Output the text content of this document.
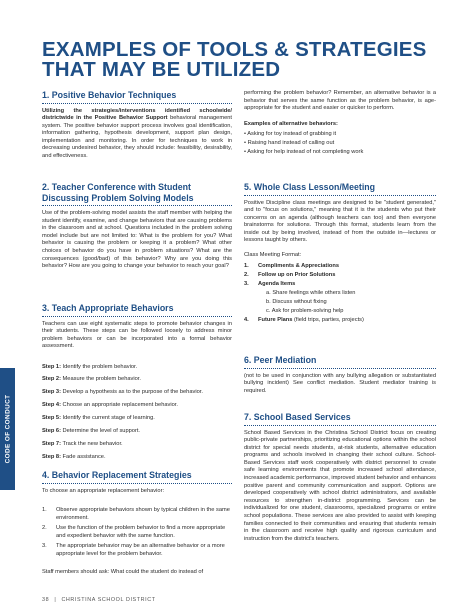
EXAMPLES OF TOOLS & STRATEGIES THAT MAY BE UTILIZED
CODE OF CONDUCT
1. Positive Behavior Techniques

Utilizing the strategies/interventions identified schoolwide/ districtwide in the Positive Behavior Support behavioral management system. The positive behavior support process involves goal identification, information gathering, hypothesis development, support plan design, implementation and monitoring. In order for techniques to work in decreasing undesired behavior, they should include: feasibility, desirability, and effectiveness.

2. Teacher Conference with Student Discussing Problem Solving Models

Use of the problem-solving model assists the staff member with helping the student identify, examine, and change behaviors that are causing problems in the classroom and at school. Questions included in the problem solving model include but are not limited to: What is the problem for you? What behavior is causing the problem or keeping it a problem? What other choices of behavior do you have in problem situations? What are the consequences (good/bad) of this behavior? Why are you doing this behavior? How are you going to change your behavior to reach your goal?

3. Teach Appropriate Behaviors

Teachers can use eight systematic steps to promote behavior changes in their students. These steps can be followed loosely to address minor problem behaviors or can be incorporated into a formal behavior assessment.

Step 1: Identify the problem behavior.
Step 2: Measure the problem behavior.
Step 3: Develop a hypothesis as to the purpose of the behavior.
Step 4: Choose an appropriate replacement behavior.
Step 5: Identify the current stage of learning.
Step 6: Determine the level of support.
Step 7: Track the new behavior.
Step 8: Fade assistance.
4. Behavior Replacement Strategies

To choose an appropriate replacement behavior:

1. Observe appropriate behaviors shown by typical children in the same environment.
2. Use the function of the problem behavior to find a more appropriate and expedient behavior with the same function.
3. The appropriate behavior may be an alternative behavior or a more appropriate level for the problem behavior.

Staff members should ask: What could the student do instead of

performing the problem behavior? Remember, an alternative behavior is a behavior that serves the same function as the problem behavior, is age-appropriate for the student and easier or quicker to perform.

Examples of alternative behaviors:

• Asking for toy instead of grabbing it
• Raising hand instead of calling out
• Asking for help instead of not completing work
5. Whole Class Lesson/Meeting

Positive Discipline class meetings are designed to be "student generated," and to "focus on solutions," meaning that it is the students who put their concerns on an agenda (although teachers can too) and then everyone brainstorms for solutions. Through this format, students learn from the inside out by being involved, instead of from the outside in—lectures or lessons taught by others.

Class Meeting Format:

1. Compliments & Appreciations
2. Follow up on Prior Solutions
3. Agenda Items
a. Share feelings while others listen
b. Discuss without fixing
c. Ask for problem-solving help
4. Future Plans (field trips, parties, projects)
6. Peer Mediation

(not to be used in conjunction with any bullying allegation or substantiated bullying incident) See conflict mediation. Student mediator training is required.

7. School Based Services

School Based Services in the Christina School District focus on creating public-private partnerships, prioritizing educational options within the school district for special needs students, at-risk students, alternative education programs and schools involved in changing their school culture. School-Based Services staff work cooperatively with district personnel to create safe learning environments that promote increased school attendance, increased academic performance, improved student behavior and enhances positive parent and community communication and support. Options are developed cooperatively with school district administrators, and available resources to strengthen in-district programming. Services can be individualized for one student, classrooms, specialized programs or entire school populations. These services are also provided to assist with keeping families connected to their communities and ensuring that students remain in the classroom and receive high quality and rigorous curriculum and instruction from the district's teachers.

38 | CHRISTINA SCHOOL DISTRICT
